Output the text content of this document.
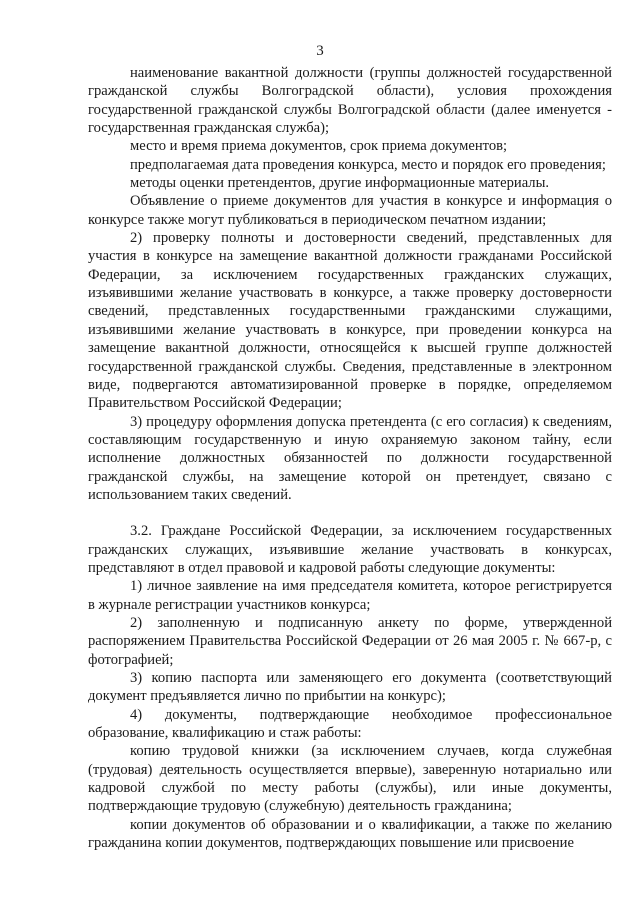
3

наименование вакантной должности (группы должностей государственной гражданской службы Волгоградской области), условия прохождения государственной гражданской службы Волгоградской области (далее именуется - государственная гражданская служба);

место и время приема документов, срок приема документов;

предполагаемая дата проведения конкурса, место и порядок его проведения;

методы оценки претендентов, другие информационные материалы.

Объявление о приеме документов для участия в конкурсе и информация о конкурсе также могут публиковаться в периодическом печатном издании;

2) проверку полноты и достоверности сведений, представленных для участия в конкурсе на замещение вакантной должности гражданами Российской Федерации, за исключением государственных гражданских служащих, изъявившими желание участвовать в конкурсе, а также проверку достоверности сведений, представленных государственными гражданскими служащими, изъявившими желание участвовать в конкурсе, при проведении конкурса на замещение вакантной должности, относящейся к высшей группе должностей государственной гражданской службы. Сведения, представленные в электронном виде, подвергаются автоматизированной проверке в порядке, определяемом Правительством Российской Федерации;

3) процедуру оформления допуска претендента (с его согласия) к сведениям, составляющим государственную и иную охраняемую законом тайну, если исполнение должностных обязанностей по должности государственной гражданской службы, на замещение которой он претендует, связано с использованием таких сведений.

3.2. Граждане Российской Федерации, за исключением государственных гражданских служащих, изъявившие желание участвовать в конкурсах, представляют в отдел правовой и кадровой работы следующие документы:

1) личное заявление на имя председателя комитета, которое регистрируется в журнале регистрации участников конкурса;

2) заполненную и подписанную анкету по форме, утвержденной распоряжением Правительства Российской Федерации от 26 мая 2005 г. № 667-р, с фотографией;

3) копию паспорта или заменяющего его документа (соответствующий документ предъявляется лично по прибытии на конкурс);

4) документы, подтверждающие необходимое профессиональное образование, квалификацию и стаж работы:

копию трудовой книжки (за исключением случаев, когда служебная (трудовая) деятельность осуществляется впервые), заверенную нотариально или кадровой службой по месту работы (службы), или иные документы, подтверждающие трудовую (служебную) деятельность гражданина;

копии документов об образовании и о квалификации, а также по желанию гражданина копии документов, подтверждающих повышение или присвоение
